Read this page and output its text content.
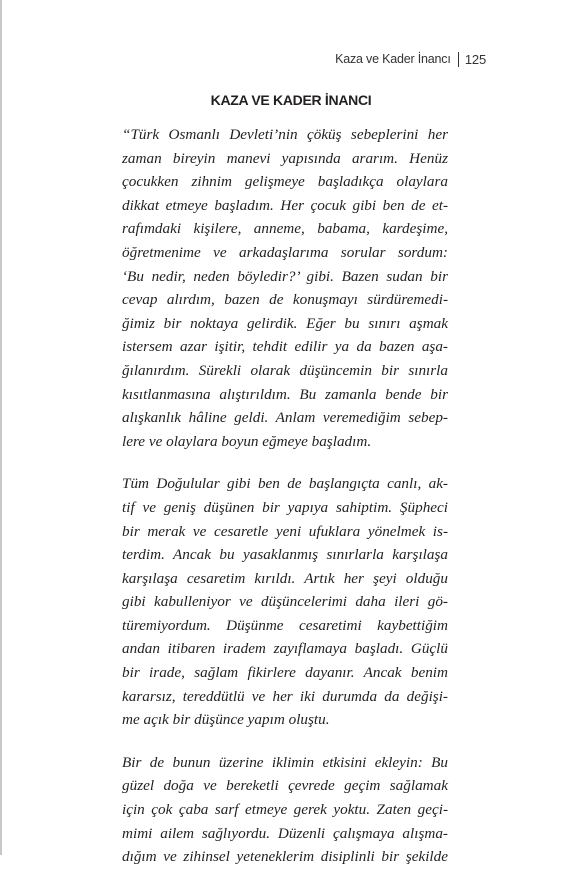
Kaza ve Kader İnancı 125
KAZA VE KADER İNANCI

“Türk Osmanlı Devleti’nin çöküş sebeplerini her
zaman bireyin manevi yapısında ararım. Henüz
çocukken zihnim gelişmeye başladıkça olaylara
dikkat etmeye başladım. Her çocuk gibi ben de et-
rafımdaki kişilere, anneme, babama, kardeşime,
öğretmenime ve arkadaşlarıma sorular sordum:
‘Bu nedir, neden böyledir?’ gibi. Bazen sudan bir
cevap alırdım, bazen de konuşmayı sürdüremedi-
ğimiz bir noktaya gelirdik. Eğer bu sınırı aşmak
istersem azar işitir, tehdit edilir ya da bazen aşa-
ğılanırdım. Sürekli olarak düşüncemin bir sınırla
kısıtlanmasına alıştırıldım. Bu zamanla bende bir
alışkanlık hâline geldi. Anlam veremediğim sebep-
lere ve olaylara boyun eğmeye başladım.

Tüm Doğulular gibi ben de başlangıçta canlı, ak-
tif ve geniş düşünen bir yapıya sahiptim. Şüpheci
bir merak ve cesaretle yeni ufuklara yönelmek is-
terdim. Ancak bu yasaklanmış sınırlarla karşılaşa
karşılaşa cesaretim kırıldı. Artık her şeyi olduğu
gibi kabulleniyor ve düşüncelerimi daha ileri gö-
türemiyordum. Düşünme cesaretimi kaybettiğim
andan itibaren iradem zayıflamaya başladı. Güçlü
bir irade, sağlam fikirlere dayanır. Ancak benim
kararsız, tereddütlü ve her iki durumda da değişi-
me açık bir düşünce yapım oluştu.

Bir de bunun üzerine iklimin etkisini ekleyin: Bu
güzel doğa ve bereketli çevrede geçim sağlamak
için çok çaba sarf etmeye gerek yoktu. Zaten geçi-
mimi ailem sağlıyordu. Düzenli çalışmaya alışma-
dığım ve zihinsel yeteneklerim disiplinli bir şekilde
